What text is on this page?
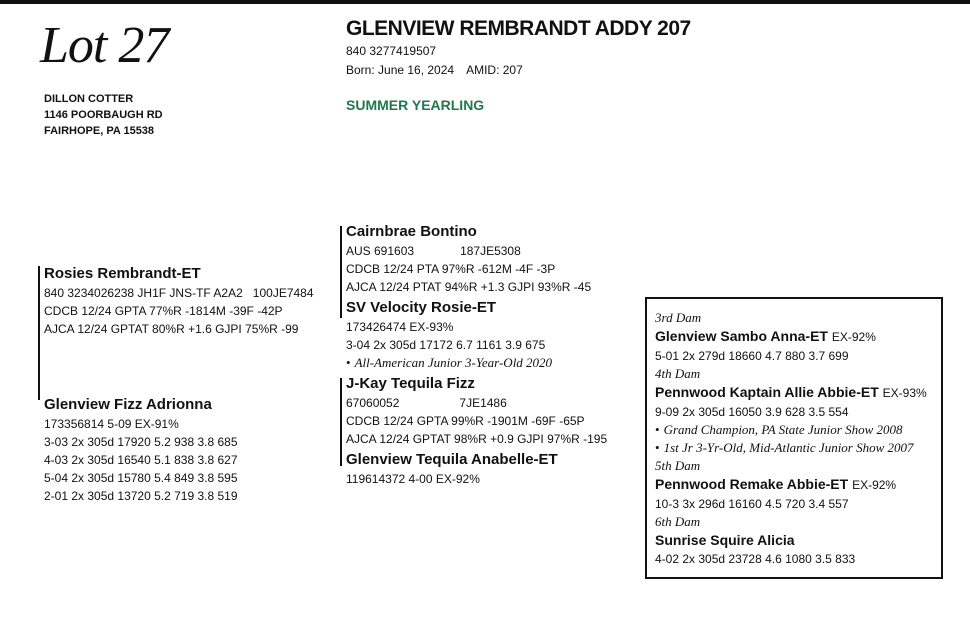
Lot 27
DILLON COTTER
1146 POORBAUGH RD
FAIRHOPE, PA 15538
GLENVIEW REMBRANDT ADDY 207
840 3277419507
Born: June 16, 2024 AMID: 207
SUMMER YEARLING
Rosies Rembrandt-ET
840 3234026238 JH1F JNS-TF A2A2 100JE7484
CDCB 12/24 GPTA 77%R -1814M -39F -42P
AJCA 12/24 GPTAT 80%R +1.6 GJPI 75%R -99
Glenview Fizz Adrionna
173356814 5-09 EX-91%
3-03 2x 305d 17920 5.2 938 3.8 685
4-03 2x 305d 16540 5.1 838 3.8 627
5-04 2x 305d 15780 5.4 849 3.8 595
2-01 2x 305d 13720 5.2 719 3.8 519
Cairnbrae Bontino
AUS 691603	187JE5308
CDCB 12/24 PTA 97%R -612M -4F -3P
AJCA 12/24 PTAT 94%R +1.3 GJPI 93%R -45
SV Velocity Rosie-ET
173426474 EX-93%
3-04 2x 305d 17172 6.7 1161 3.9 675
• All-American Junior 3-Year-Old 2020
J-Kay Tequila Fizz
67060052	7JE1486
CDCB 12/24 GPTA 99%R -1901M -69F -65P
AJCA 12/24 GPTAT 98%R +0.9 GJPI 97%R -195
Glenview Tequila Anabelle-ET
119614372 4-00 EX-92%
3rd Dam
Glenview Sambo Anna-ET EX-92%
5-01 2x 279d 18660 4.7 880 3.7 699
4th Dam
Pennwood Kaptain Allie Abbie-ET EX-93%
9-09 2x 305d 16050 3.9 628 3.5 554
• Grand Champion, PA State Junior Show 2008
• 1st Jr 3-Yr-Old, Mid-Atlantic Junior Show 2007
5th Dam
Pennwood Remake Abbie-ET EX-92%
10-3 3x 296d 16160 4.5 720 3.4 557
6th Dam
Sunrise Squire Alicia
4-02 2x 305d 23728 4.6 1080 3.5 833
